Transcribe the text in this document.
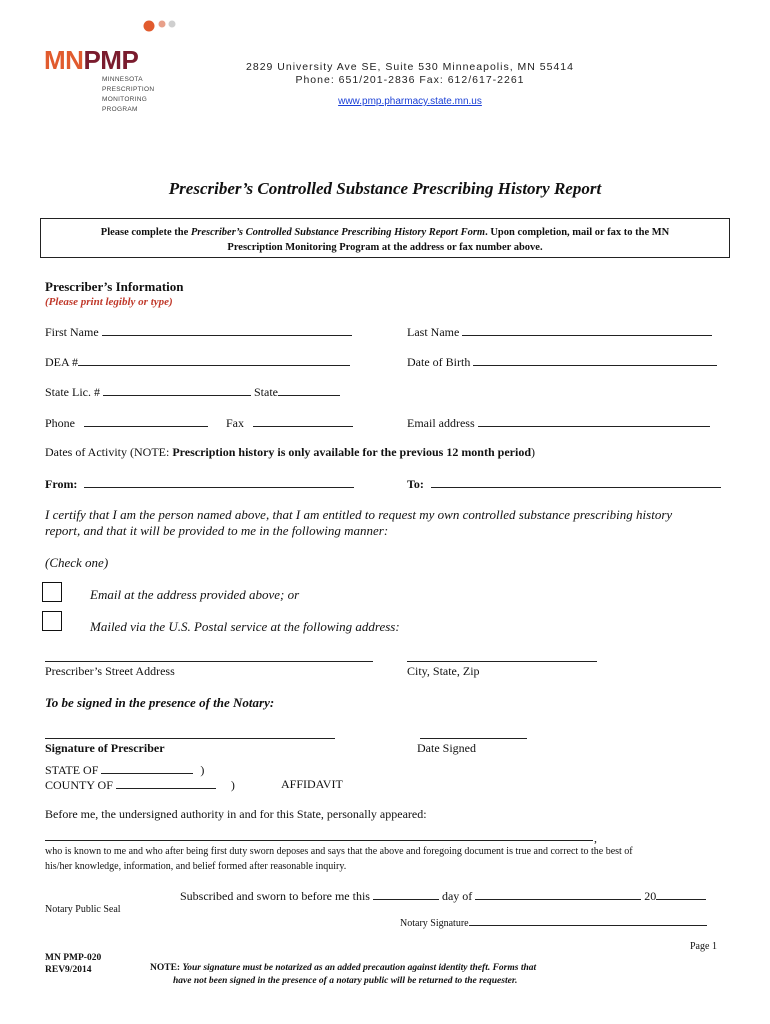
MNPMP
MINNESOTA
PRESCRIPTION
MONITORING
PROGRAM
2829 University Ave SE, Suite 530 Minneapolis, MN 55414
Phone: 651/201-2836 Fax: 612/617-2261
www.pmp.pharmacy.state.mn.us
Prescriber’s Controlled Substance Prescribing History Report
Please complete the Prescriber’s Controlled Substance Prescribing History Report Form. Upon completion, mail or fax to the MN
Prescription Monitoring Program at the address or fax number above.
Prescriber’s Information
(Please print legibly or type)
First Name	Last Name
DEA #	Date of Birth
State Lic. #	State
Phone	Fax	Email address
Dates of Activity (NOTE: Prescription history is only available for the previous 12 month period)
From:	To:
I certify that I am the person named above, that I am entitled to request my own controlled substance prescribing history
report, and that it will be provided to me in the following manner:
(Check one)
Email at the address provided above; or
Mailed via the U.S. Postal service at the following address:
Prescriber’s Street Address	City, State, Zip
To be signed in the presence of the Notary:
Signature of Prescriber	Date Signed
STATE OF	)
COUNTY OF	)	AFFIDAVIT
Before me, the undersigned authority in and for this State, personally appeared:
,
who is known to me and who after being first duty sworn deposes and says that the above and foregoing document is true and correct to the best of
his/her knowledge, information, and belief formed after reasonable inquiry.
Subscribed and sworn to before me this	day of	20
Notary Public Seal
Notary Signature
Page 1
MN PMP-020
REV9/2014	NOTE: Your signature must be notarized as an added precaution against identity theft. Forms that
have not been signed in the presence of a notary public will be returned to the requester.
